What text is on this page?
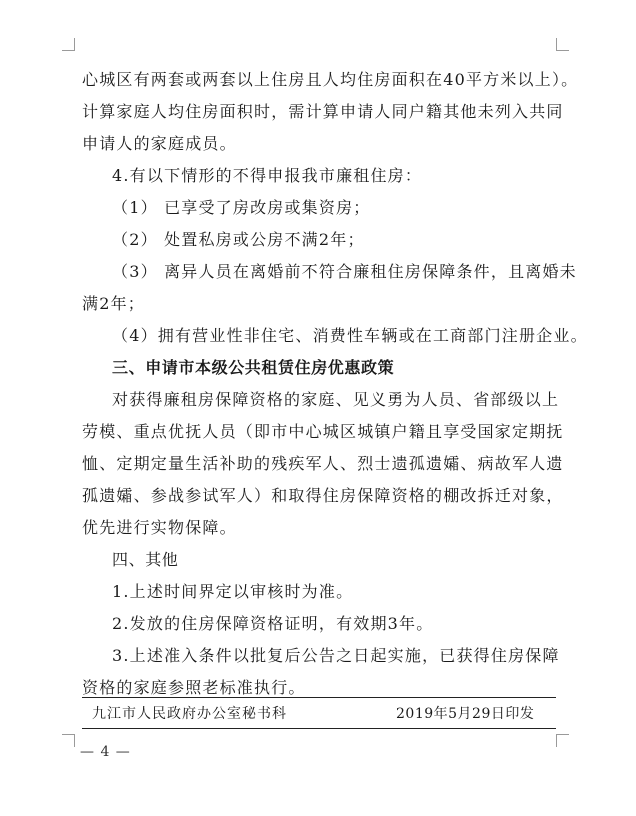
心城区有两套或两套以上住房且人均住房面积在40平方米以上）。
计算家庭人均住房面积时，需计算申请人同户籍其他未列入共同
申请人的家庭成员。
4.有以下情形的不得申报我市廉租住房：
（1） 已享受了房改房或集资房；
（2） 处置私房或公房不满2年；
（3） 离异人员在离婚前不符合廉租住房保障条件，且离婚未
满2年；
（4）拥有营业性非住宅、消费性车辆或在工商部门注册企业。
三、申请市本级公共租赁住房优惠政策
对获得廉租房保障资格的家庭、见义勇为人员、省部级以上
劳模、重点优抚人员（即市中心城区城镇户籍且享受国家定期抚
恤、定期定量生活补助的残疾军人、烈士遗孤遗孀、病故军人遗
孤遗孀、参战参试军人）和取得住房保障资格的棚改拆迁对象，
优先进行实物保障。
四、其他
1.上述时间界定以审核时为准。
2.发放的住房保障资格证明，有效期3年。
3.上述准入条件以批复后公告之日起实施，已获得住房保障
资格的家庭参照老标准执行。
九江市人民政府办公室秘书科	2019年5月29日印发
— 4 —
